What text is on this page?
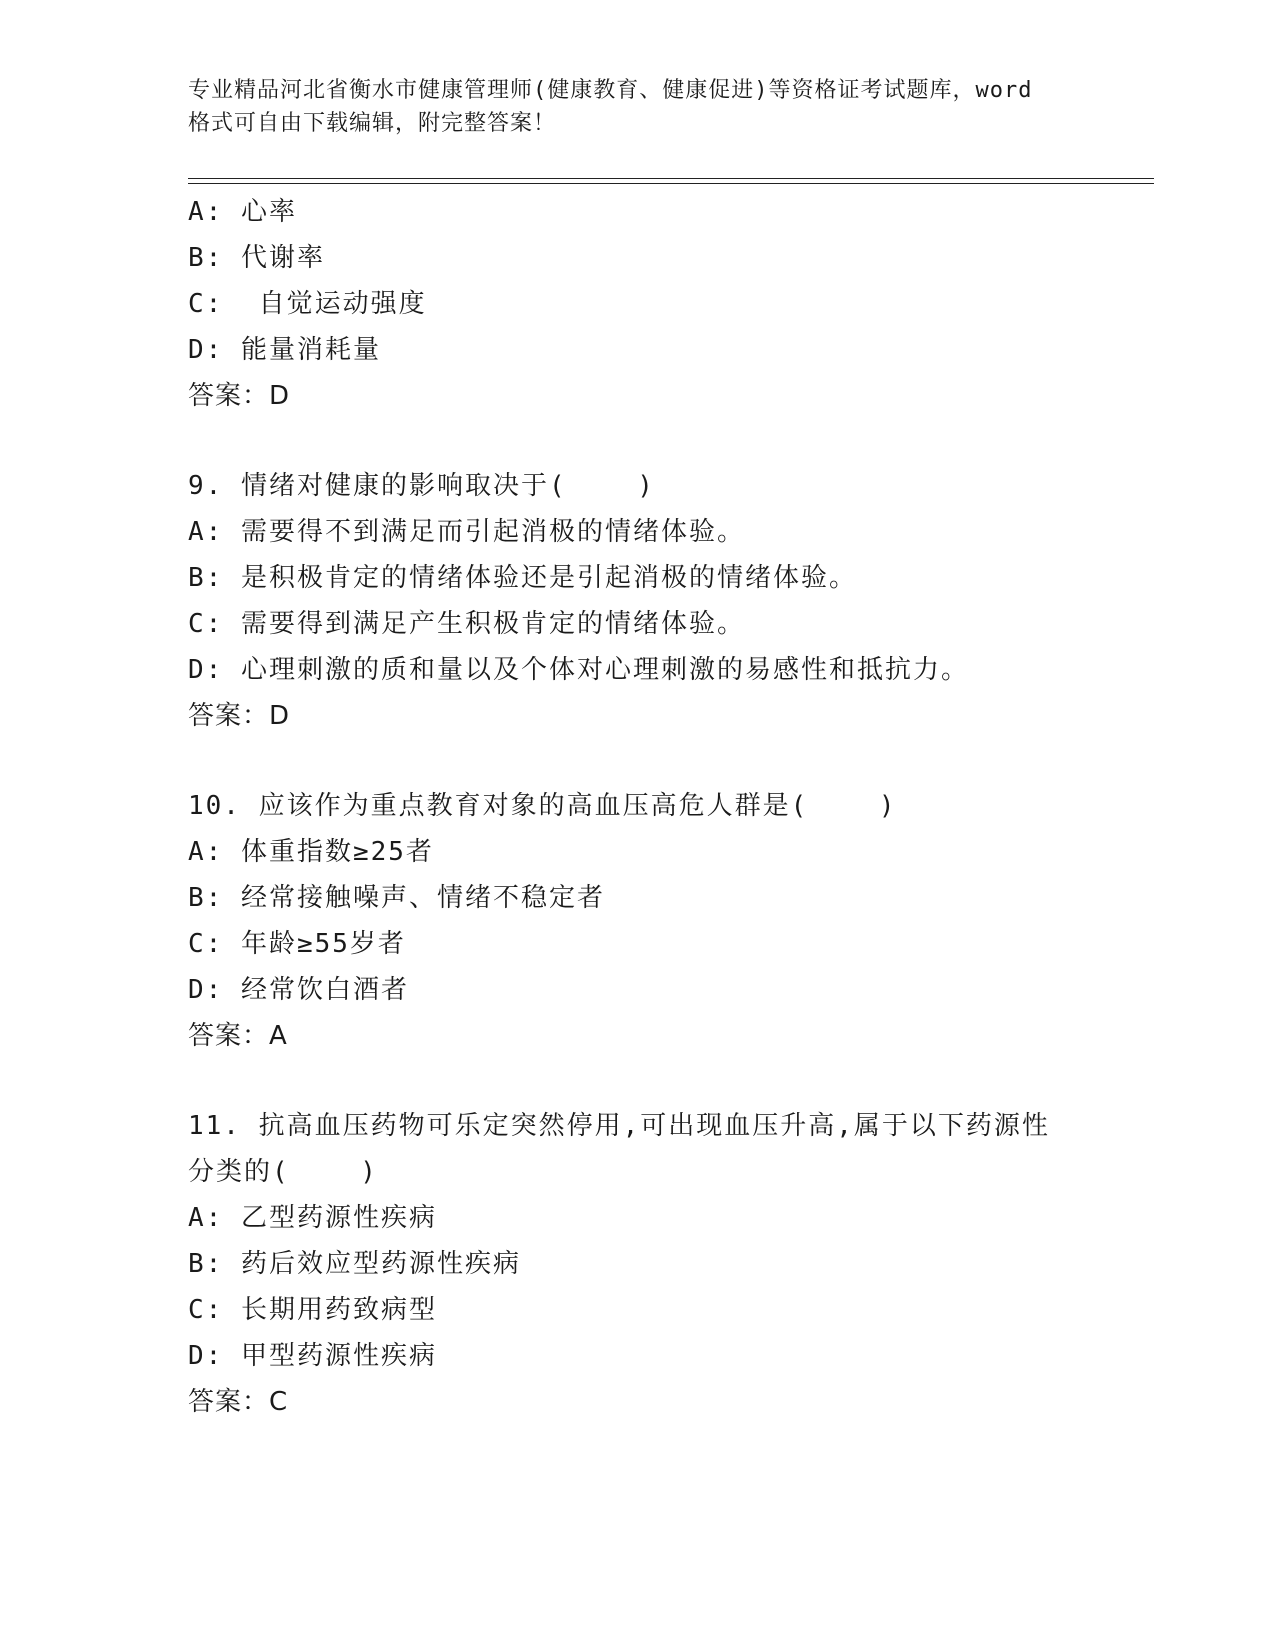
专业精品河北省衡水市健康管理师(健康教育、健康促进)等资格证考试题库，word
格式可自由下载编辑，附完整答案！
A: 心率
B: 代谢率
C:  自觉运动强度
D: 能量消耗量
答案：D
9. 情绪对健康的影响取决于(    )
A: 需要得不到满足而引起消极的情绪体验。
B: 是积极肯定的情绪体验还是引起消极的情绪体验。
C: 需要得到满足产生积极肯定的情绪体验。
D: 心理刺激的质和量以及个体对心理刺激的易感性和抵抗力。
答案：D
10. 应该作为重点教育对象的高血压高危人群是(    )
A: 体重指数≥25者
B: 经常接触噪声、情绪不稳定者
C: 年龄≥55岁者
D: 经常饮白酒者
答案：A
11. 抗高血压药物可乐定突然停用,可出现血压升高,属于以下药源性
分类的(    )
A: 乙型药源性疾病
B: 药后效应型药源性疾病
C: 长期用药致病型
D: 甲型药源性疾病
答案：C
